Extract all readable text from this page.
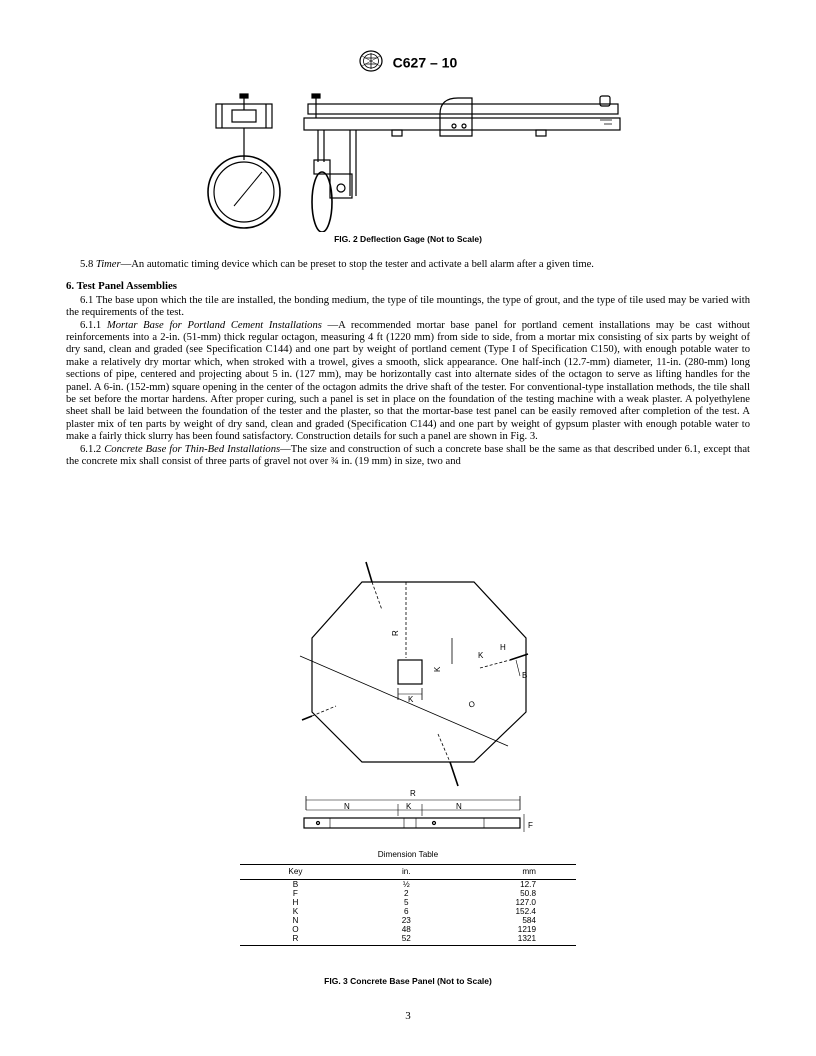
C627 – 10
FIG. 2 Deflection Gage (Not to Scale)

5.8 Timer—An automatic timing device which can be preset to stop the tester and activate a bell alarm after a given time.

6. Test Panel Assemblies

6.1 The base upon which the tile are installed, the bonding medium, the type of tile mountings, the type of grout, and the type of tile used may be varied with the requirements of the test.

6.1.1 Mortar Base for Portland Cement Installations —A recommended mortar base panel for portland cement installations may be cast without reinforcements into a 2-in. (51-mm) thick regular octagon, measuring 4 ft (1220 mm) from side to side, from a mortar mix consisting of six parts by weight of dry sand, clean and graded (see Specification C144) and one part by weight of portland cement (Type I of Specification C150), with enough potable water to make a relatively dry mortar which, when stroked with a trowel, gives a smooth, slick appearance. One half-inch (12.7-mm) diameter, 11-in. (280-mm) long sections of pipe, centered and projecting about 5 in. (127 mm), may be horizontally cast into alternate sides of the octagon to serve as lifting handles for the panel. A 6-in. (152-mm) square opening in the center of the octagon admits the drive shaft of the tester. For conventional-type installation methods, the tile shall be set before the mortar hardens. After proper curing, such a panel is set in place on the foundation of the testing machine with a weak plaster. A polyethylene sheet shall be laid between the foundation of the tester and the plaster, so that the mortar-base test panel can be easily removed after completion of the test. A plaster mix of ten parts by weight of dry sand, clean and graded (Specification C144) and one part by weight of gypsum plaster with enough potable water to make a fairly thick slurry has been found satisfactory. Construction details for such a panel are shown in Fig. 3.

6.1.2 Concrete Base for Thin-Bed Installations—The size and construction of such a concrete base shall be the same as that described under 6.1, except that the concrete mix shall consist of three parts of gravel not over ¾ in. (19 mm) in size, two and

R
K
K	O
K
H
B
R
N	K	N
F
Dimension Table
Key	in.	mm
B	½	12.7
F	2	50.8
H	5	127.0
K	6	152.4
N	23	584
O	48	1219
R	52	1321
FIG. 3 Concrete Base Panel (Not to Scale)
3
